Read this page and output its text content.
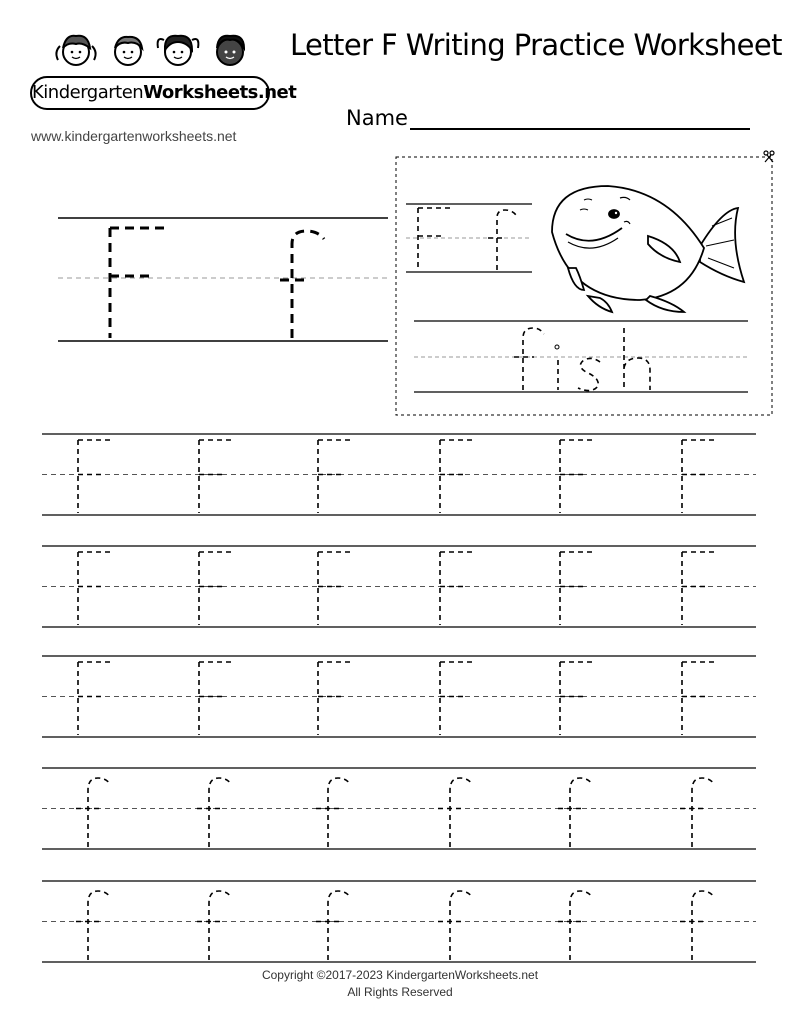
KindergartenWorksheets.net
www.kindergartenworksheets.net
Letter F Writing Practice Worksheet
Name
Copyright ©2017-2023 KindergartenWorksheets.net
All Rights Reserved
